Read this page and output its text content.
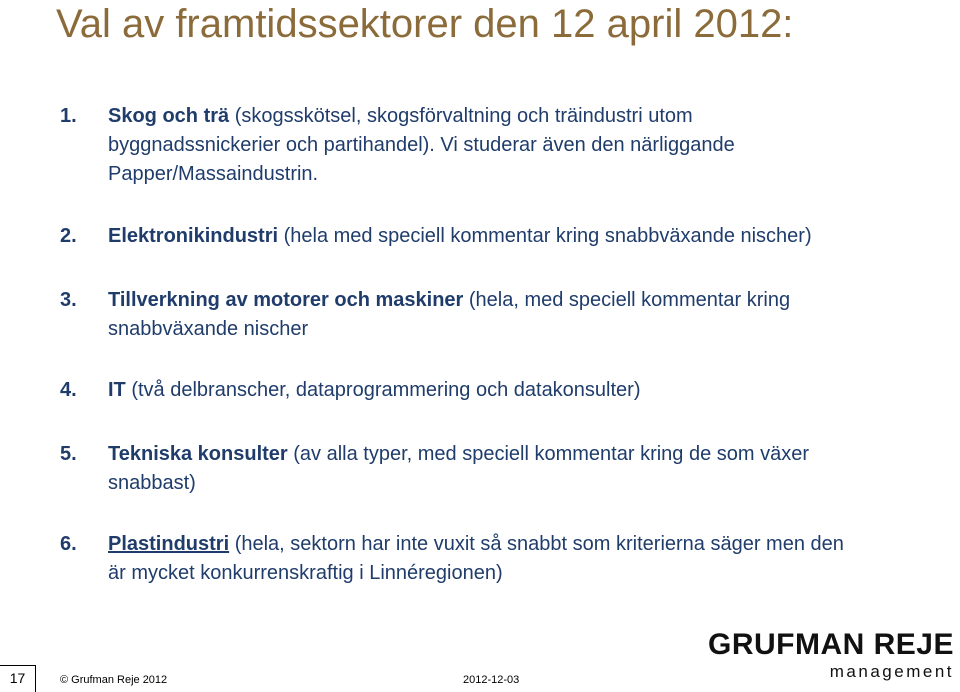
Val av framtidssektorer den 12 april 2012:
1. Skog och trä (skogsskötsel, skogsförvaltning och träindustri utom
byggnadssnickerier och partihandel). Vi studerar även den närliggande
Papper/Massaindustrin.
2. Elektronikindustri (hela med speciell kommentar kring snabbväxande nischer)
3. Tillverkning av motorer och maskiner (hela, med speciell kommentar kring
snabbväxande nischer
4. IT (två delbranscher, dataprogrammering och datakonsulter)
5. Tekniska konsulter (av alla typer, med speciell kommentar kring de som växer
snabbast)
6. Plastindustri (hela, sektorn har inte vuxit så snabbt som kriterierna säger men den
är mycket konkurrenskraftig i Linnéregionen)
17	© Grufman Reje 2012	2012-12-03
GRUFMAN REJE
management
